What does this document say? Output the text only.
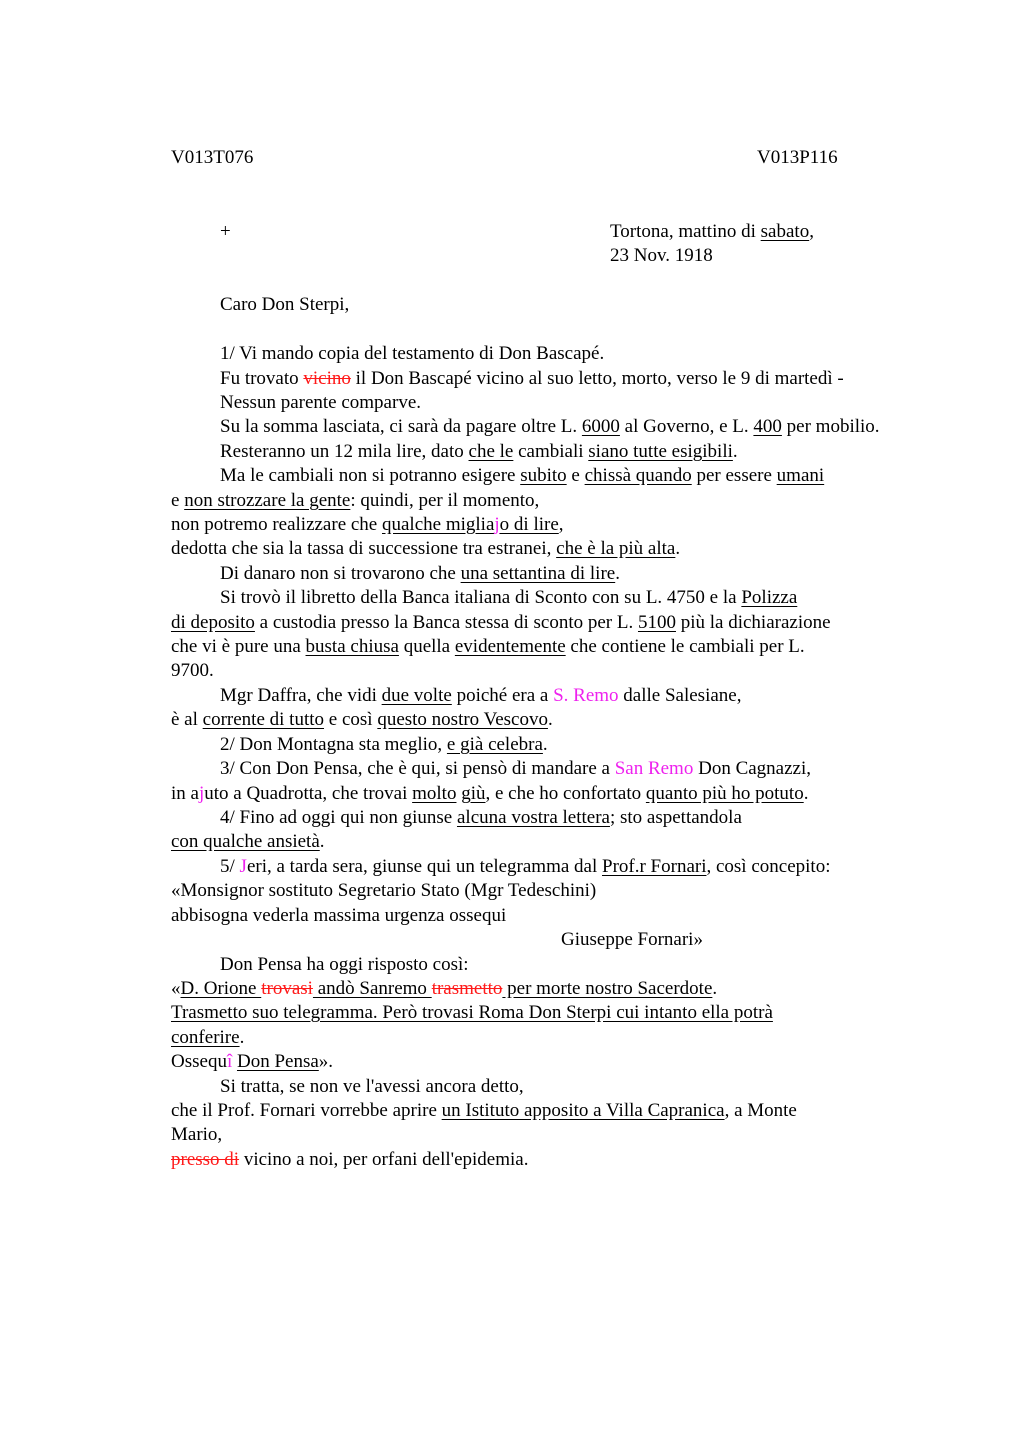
V013T076	V013P116
+	Tortona, mattino di sabato,
23 Nov. 1918
Caro Don Sterpi,
1/ Vi mando copia del testamento di Don Bascapé.
Fu trovato vicino il Don Bascapé vicino al suo letto, morto, verso le 9 di martedì -
Nessun parente comparve.
Su la somma lasciata, ci sarà da pagare oltre L. 6000 al Governo, e L. 400 per mobilio.
Resteranno un 12 mila lire, dato che le cambiali siano tutte esigibili.
Ma le cambiali non si potranno esigere subito e chissà quando per essere umani
e non strozzare la gente: quindi, per il momento,
non potremo realizzare che qualche migliajo di lire,
dedotta che sia la tassa di successione tra estranei, che è la più alta.
Di danaro non si trovarono che una settantina di lire.
Si trovò il libretto della Banca italiana di Sconto con su L. 4750 e la Polizza
di deposito a custodia presso la Banca stessa di sconto per L. 5100 più la dichiarazione
che vi è pure una busta chiusa quella evidentemente che contiene le cambiali per L.
9700.
Mgr Daffra, che vidi due volte poiché era a S. Remo dalle Salesiane,
è al corrente di tutto e così questo nostro Vescovo.
2/ Don Montagna sta meglio, e già celebra.
3/ Con Don Pensa, che è qui, si pensò di mandare a San Remo Don Cagnazzi,
in ajuto a Quadrotta, che trovai molto giù, e che ho confortato quanto più ho potuto.
4/ Fino ad oggi qui non giunse alcuna vostra lettera; sto aspettandola
con qualche ansietà.
5/ Jeri, a tarda sera, giunse qui un telegramma dal Prof.r Fornari, così concepito:
«Monsignor sostituto Segretario Stato (Mgr Tedeschini)
abbisogna vederla massima urgenza ossequi
Giuseppe Fornari»
Don Pensa ha oggi risposto così:
«D. Orione trovasi andò Sanremo trasmetto per morte nostro Sacerdote.
Trasmetto suo telegramma. Però trovasi Roma Don Sterpi cui intanto ella potrà
conferire.
Ossequî Don Pensa».
Si tratta, se non ve l'avessi ancora detto,
che il Prof. Fornari vorrebbe aprire un Istituto apposito a Villa Capranica, a Monte
Mario,
presso di vicino a noi, per orfani dell'epidemia.
